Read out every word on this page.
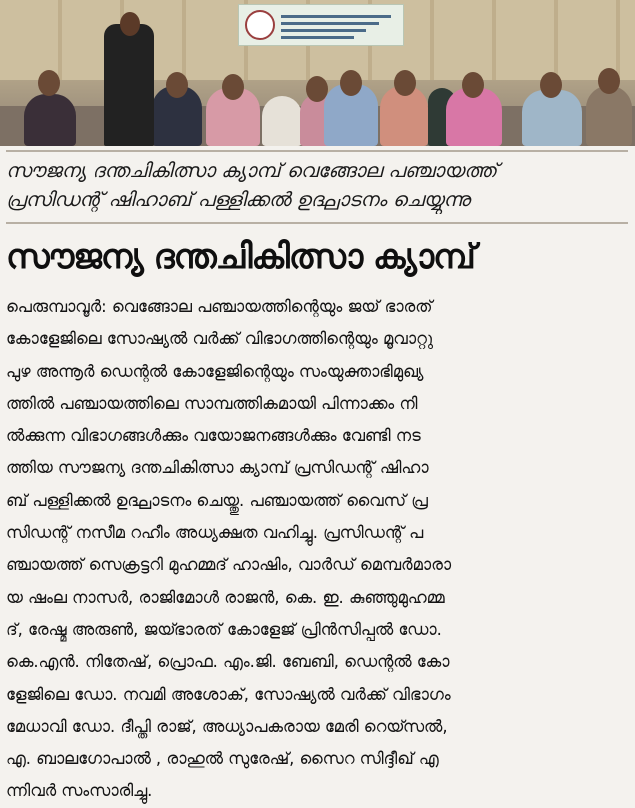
സൗജന്യ ദന്തചികിത്സാ ക്യാമ്പ് വെങ്ങോല പഞ്ചായത്ത്
പ്രസിഡന്റ് ഷിഹാബ് പള്ളിക്കൽ ഉദ്ഘാടനം ചെയ്യുന്നു
സൗജന്യ ദന്തചികിത്സാ ക്യാമ്പ്
പെരുമ്പാവൂർ: വെങ്ങോല പഞ്ചായത്തിന്റെയും ജയ് ഭാരത്
കോളേജിലെ സോഷ്യൽ വർക്ക് വിഭാഗത്തിന്റെയും മൂവാറ്റു
പുഴ അന്നൂർ ഡെന്റൽ കോളേജിന്റെയും സംയുക്താഭിമുഖ്യ
ത്തിൽ പഞ്ചായത്തിലെ സാമ്പത്തികമായി പിന്നാക്കം നി
ൽക്കുന്ന വിഭാഗങ്ങൾക്കും വയോജനങ്ങൾക്കും വേണ്ടി നട
ത്തിയ സൗജന്യ ദന്തചികിത്സാ ക്യാമ്പ് പ്രസിഡന്റ് ഷിഹാ
ബ് പള്ളിക്കൽ ഉദ്ഘാടനം ചെയ്തു. പഞ്ചായത്ത് വൈസ് പ്ര
സിഡന്റ് നസീമ റഹീം അധ്യക്ഷത വഹിച്ചു. പ്രസിഡന്റ് പ
ഞ്ചായത്ത് സെക്രട്ടറി മുഹമ്മദ് ഹാഷിം, വാർഡ് മെമ്പർമാരാ
യ ഷംല നാസർ, രാജിമോൾ രാജൻ, കെ. ഇ. കുഞ്ഞുമുഹമ്മ
ദ്, രേഷ്മ അരുൺ, ജയ്ഭാരത് കോളേജ് പ്രിൻസിപ്പൽ ഡോ.
കെ.എൻ. നിതേഷ്, പ്രൊഫ. എം.ജി. ബേബി, ഡെന്റൽ കോ
ളേജിലെ ഡോ. നവമി അശോക്, സോഷ്യൽ വർക്ക് വിഭാഗം
മേധാവി ഡോ. ദീപ്തി രാജ്, അധ്യാപകരായ മേരി റെയ്സൽ,
എ. ബാലഗോപാൽ , രാഹുൽ സുരേഷ്, സൈറ സിദ്ദീഖ് എ
ന്നിവർ സംസാരിച്ചു.
